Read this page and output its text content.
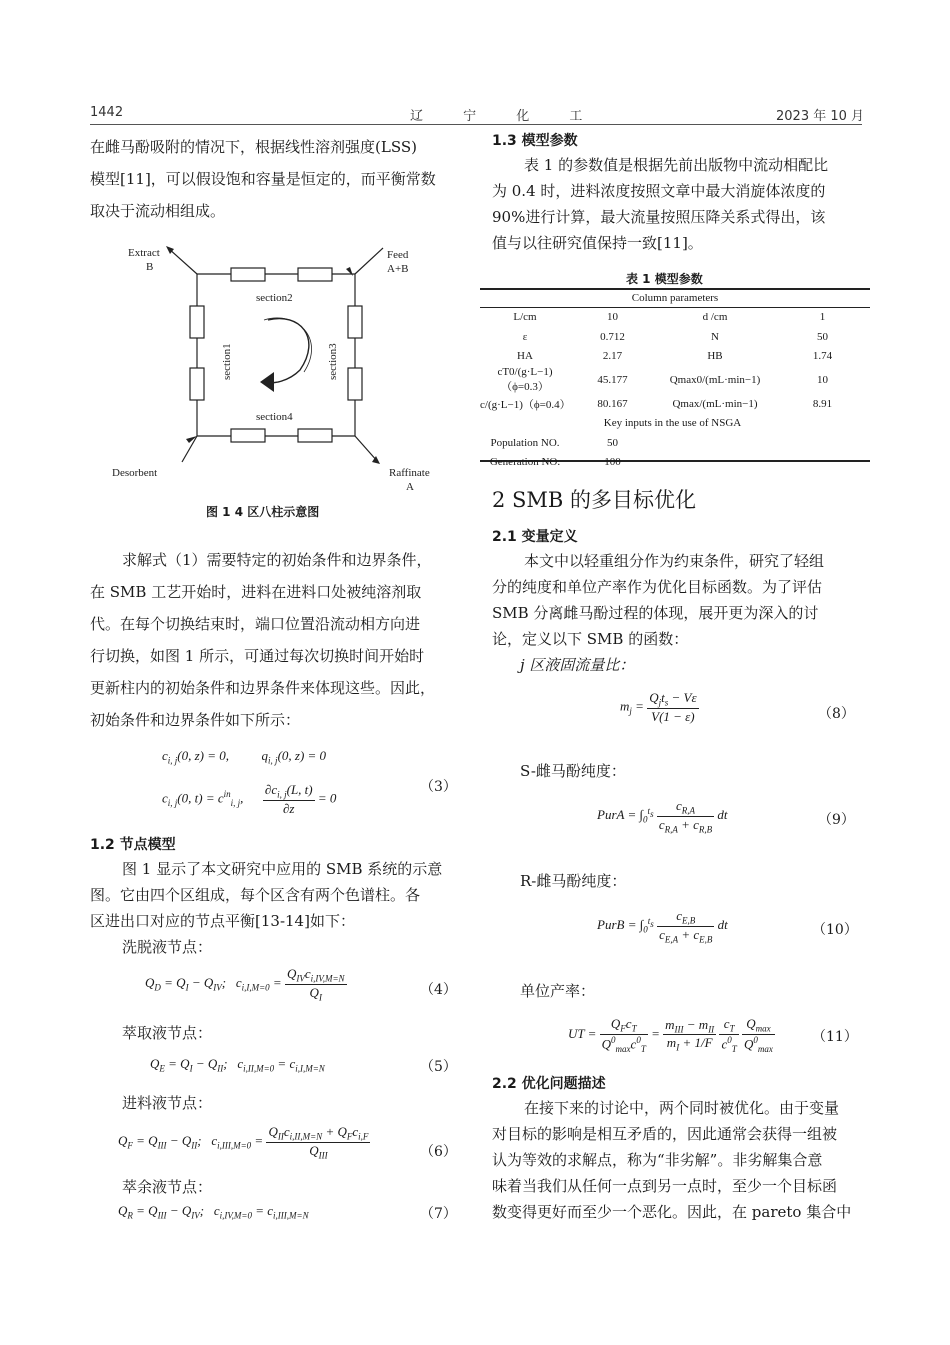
1442	辽 宁 化 工	2023 年 10 月
在雌马酚吸附的情况下，根据线性溶剂强度(LSS)
模型[11]，可以假设饱和容量是恒定的，而平衡常数
取决于流动相组成。
Extract
B
Feed
A+B
Desorbent	Raffinate
A
section2
section4
section1	section3
图 1 4 区八柱示意图
求解式（1）需要特定的初始条件和边界条件，
在 SMB 工艺开始时，进料在进料口处被纯溶剂取
代。在每个切换结束时，端口位置沿流动相方向进
行切换，如图 1 所示，可通过每次切换时间开始时
更新柱内的初始条件和边界条件来体现这些。因此，
初始条件和边界条件如下所示：
$c_{i, j}(0$, z) = 0,          $q_{i, j}(0$, z) = 0
$c_{i, j}(0$, $t) = c^{in}_{i, j}$, $\frac{\partial c_{i, j}(L, t)}{\partial z} = 0$
（3）
1.2 节点模型
图 1 显示了本文研究中应用的 SMB 系统的示意
图。它由四个区组成，每个区含有两个色谱柱。各
区进出口对应的节点平衡[13-14]如下：
洗脱液节点：
$Q_D = Q_I - Q_{IV}$;   $c_{i,I,M=0} = \frac{Q_{IV}c_{i,IV,M=N}}{Q_I}$	（4）
萃取液节点：
$Q_E = Q_I - Q_{II}$;   $c_{i,II,M=0} = c_{i,I,M=N}$	（5）
进料液节点：
$Q_F = Q_{III} - Q_{II}$;   $c_{i,III,M=0} = \frac{Q_{II}c_{i,II,M=N} + Q_Fc_{i,F}}{Q_{III}}$	（6）
萃余液节点：
$Q_R = Q_{III} - Q_{IV}$;   $c_{i,IV,M=0} = c_{i,III,M=N}$	（7）
1.3 模型参数
表 1 的参数值是根据先前出版物中流动相配比
为 0.4 时，进料浓度按照文章中最大消旋体浓度的
90%进行计算，最大流量按照压降关系式得出，该
值与以往研究值保持一致[11]。
表 1 模型参数
Column parameters			
L/cm	10	d /cm	1
ε	0.712	N	50
HA	2.17	HB	1.74
cT0/(g·L−1)（ϕ=0.3）	45.177	Qmax0/(mL·min−1)	10
c/(g·L−1)（ϕ=0.4）	80.167	Qmax/(mL·min−1)	8.91
	Key inputs in the use of NSGA		
Population NO.	50		
Generation NO.	100		
2 SMB 的多目标优化
2.1 变量定义
本文中以轻重组分作为约束条件，研究了轻组
分的纯度和单位产率作为优化目标函数。为了评估
SMB 分离雌马酚过程的体现，展开更为深入的讨
论，定义以下 SMB 的函数：
j 区液固流量比：
$m_j = \frac{Q_jt_s - V\varepsilon}{V(1 - \varepsilon)}$	（8）
S-雌马酚纯度：
PurA = $\int_0^{t_s} \frac{c_{R,A}}{c_{R,A} + c_{R,B}}$ dt	（9）
R-雌马酚纯度：
PurB = $\int_0^{t_s} \frac{c_{E,B}}{c_{E,A} + c_{E,B}}$ dt	（10）
单位产率：
UT = $\frac{Q_Fc_T}{Q^0_{max}c^0_T} = \frac{m_{III} - m_{II}}{m_I + 1/F}$
$\frac{c_T}{c^0_T}$
$\frac{Q_{max}}{Q^0_{max}}$	（11）
2.2 优化问题描述
在接下来的讨论中，两个同时被优化。由于变量
对目标的影响是相互矛盾的，因此通常会获得一组被
认为等效的求解点，称为“非劣解”。非劣解集合意
味着当我们从任何一点到另一点时，至少一个目标函
数变得更好而至少一个恶化。因此，在 pareto 集合中
